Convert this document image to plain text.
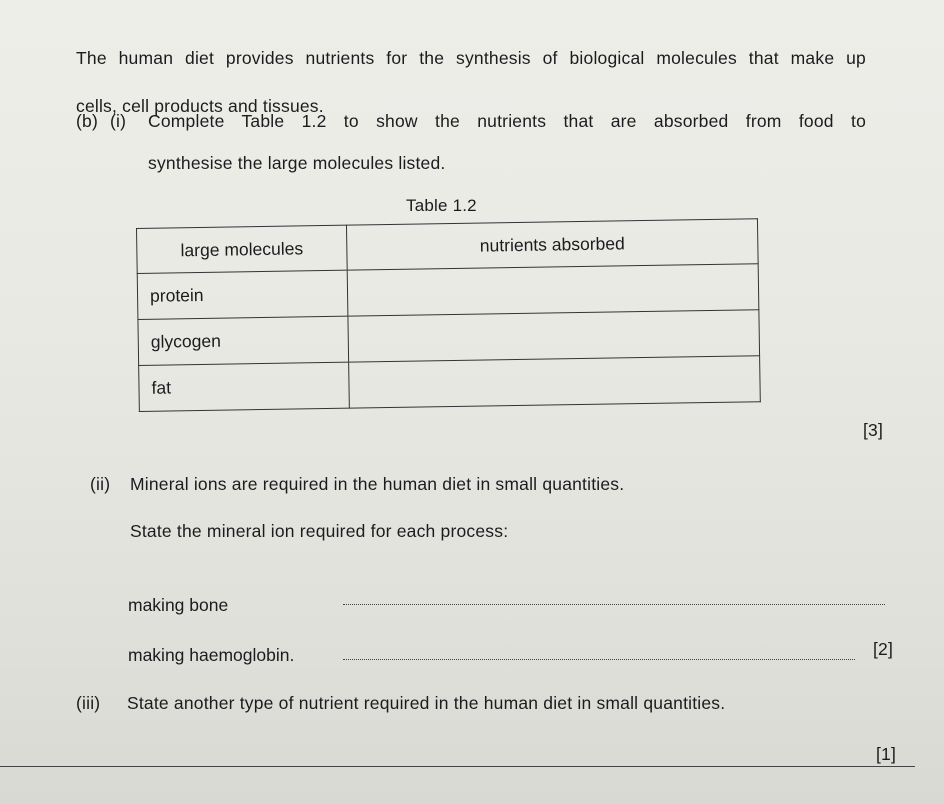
The human diet provides nutrients for the synthesis of biological molecules that make up
cells, cell products and tissues.
(b) (i) Complete Table 1.2 to show the nutrients that are absorbed from food to
synthesise the large molecules listed.
Table 1.2
large molecules	nutrients absorbed
protein	
glycogen	
fat	
[3]
(ii) Mineral ions are required in the human diet in small quantities.
State the mineral ion required for each process:
making bone
making haemoglobin.	[2]
(iii) State another type of nutrient required in the human diet in small quantities.
[1]
